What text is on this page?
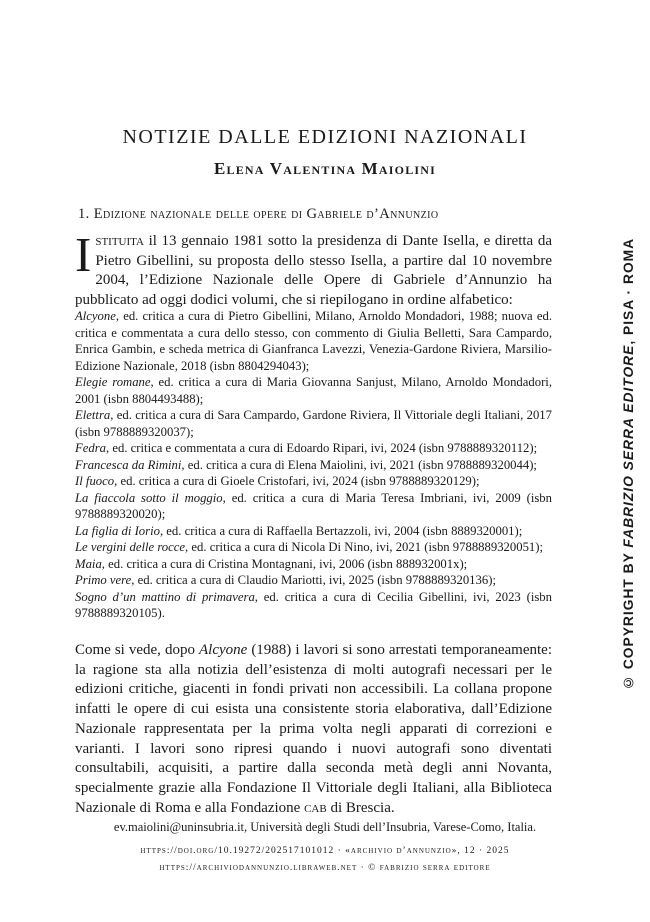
NOTIZIE DALLE EDIZIONI NAZIONALI
Elena Valentina Maiolini
1. Edizione nazionale delle opere di Gabriele d’Annunzio

Istituita il 13 gennaio 1981 sotto la presidenza di Dante Isella, e diretta da Pietro Gibellini, su proposta dello stesso Isella, a partire dal 10 novembre 2004, l’Edizione Nazionale delle Opere di Gabriele d’Annunzio ha pubblicato ad oggi dodici volumi, che si riepilogano in ordine alfabetico:

Alcyone, ed. critica a cura di Pietro Gibellini, Milano, Arnoldo Mondadori, 1988; nuova ed. critica e commentata a cura dello stesso, con commento di Giulia Belletti, Sara Campardo, Enrica Gambin, e scheda metrica di Gianfranca Lavezzi, Venezia-Gardone Riviera, Marsilio-Edizione Nazionale, 2018 (isbn 8804294043);
Elegie romane, ed. critica a cura di Maria Giovanna Sanjust, Milano, Arnoldo Mondadori, 2001 (isbn 8804493488);
Elettra, ed. critica a cura di Sara Campardo, Gardone Riviera, Il Vittoriale degli Italiani, 2017 (isbn 9788889320037);
Fedra, ed. critica e commentata a cura di Edoardo Ripari, ivi, 2024 (isbn 9788889320112);
Francesca da Rimini, ed. critica a cura di Elena Maiolini, ivi, 2021 (isbn 9788889320044);
Il fuoco, ed. critica a cura di Gioele Cristofari, ivi, 2024 (isbn 9788889320129);
La fiaccola sotto il moggio, ed. critica a cura di Maria Teresa Imbriani, ivi, 2009 (isbn 9788889320020);
La figlia di Iorio, ed. critica a cura di Raffaella Bertazzoli, ivi, 2004 (isbn 8889320001);
Le vergini delle rocce, ed. critica a cura di Nicola Di Nino, ivi, 2021 (isbn 9788889320051);
Maia, ed. critica a cura di Cristina Montagnani, ivi, 2006 (isbn 888932001x);
Primo vere, ed. critica a cura di Claudio Mariotti, ivi, 2025 (isbn 9788889320136);
Sogno d’un mattino di primavera, ed. critica a cura di Cecilia Gibellini, ivi, 2023 (isbn 9788889320105).

Come si vede, dopo Alcyone (1988) i lavori si sono arrestati temporaneamente: la ragione sta alla notizia dell’esistenza di molti autografi necessari per le edizioni critiche, giacenti in fondi privati non accessibili. La collana propone infatti le opere di cui esista una consistente storia elaborativa, dall’Edizione Nazionale rappresentata per la prima volta negli apparati di correzioni e varianti. I lavori sono ripresi quando i nuovi autografi sono diventati consultabili, acquisiti, a partire dalla seconda metà degli anni Novanta, specialmente grazie alla Fondazione Il Vittoriale degli Italiani, alla Biblioteca Nazionale di Roma e alla Fondazione cab di Brescia.

ev.maiolini@uninsubria.it, Università degli Studi dell’Insubria, Varese-Como, Italia.

https://doi.org/10.19272/202517101012 · «archivio d’annunzio», 12 · 2025

https://archiviodannunzio.libraweb.net · © fabrizio serra editore

© COPYRIGHT BY FABRIZIO SERRA EDITORE, PISA · ROMA
